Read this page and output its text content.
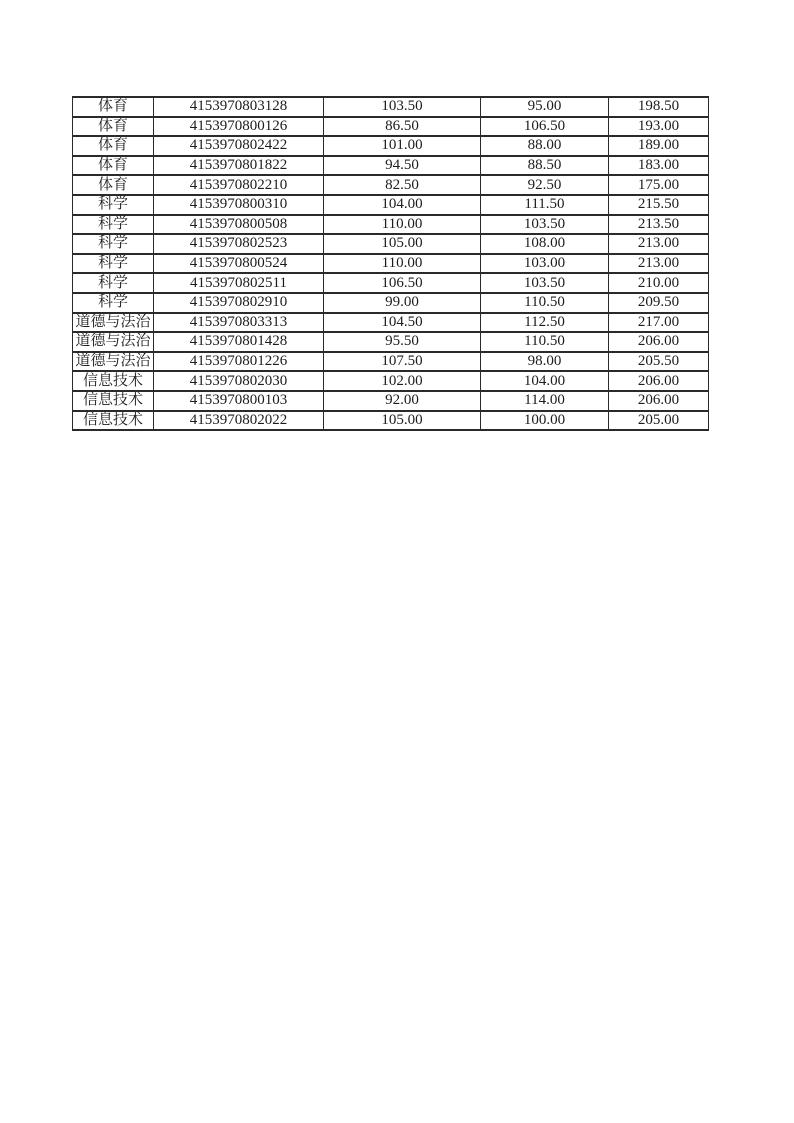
体育	4153970803128	103.50	95.00	198.50
体育	4153970800126	86.50	106.50	193.00
体育	4153970802422	101.00	88.00	189.00
体育	4153970801822	94.50	88.50	183.00
体育	4153970802210	82.50	92.50	175.00
科学	4153970800310	104.00	111.50	215.50
科学	4153970800508	110.00	103.50	213.50
科学	4153970802523	105.00	108.00	213.00
科学	4153970800524	110.00	103.00	213.00
科学	4153970802511	106.50	103.50	210.00
科学	4153970802910	99.00	110.50	209.50
道德与法治	4153970803313	104.50	112.50	217.00
道德与法治	4153970801428	95.50	110.50	206.00
道德与法治	4153970801226	107.50	98.00	205.50
信息技术	4153970802030	102.00	104.00	206.00
信息技术	4153970800103	92.00	114.00	206.00
信息技术	4153970802022	105.00	100.00	205.00
